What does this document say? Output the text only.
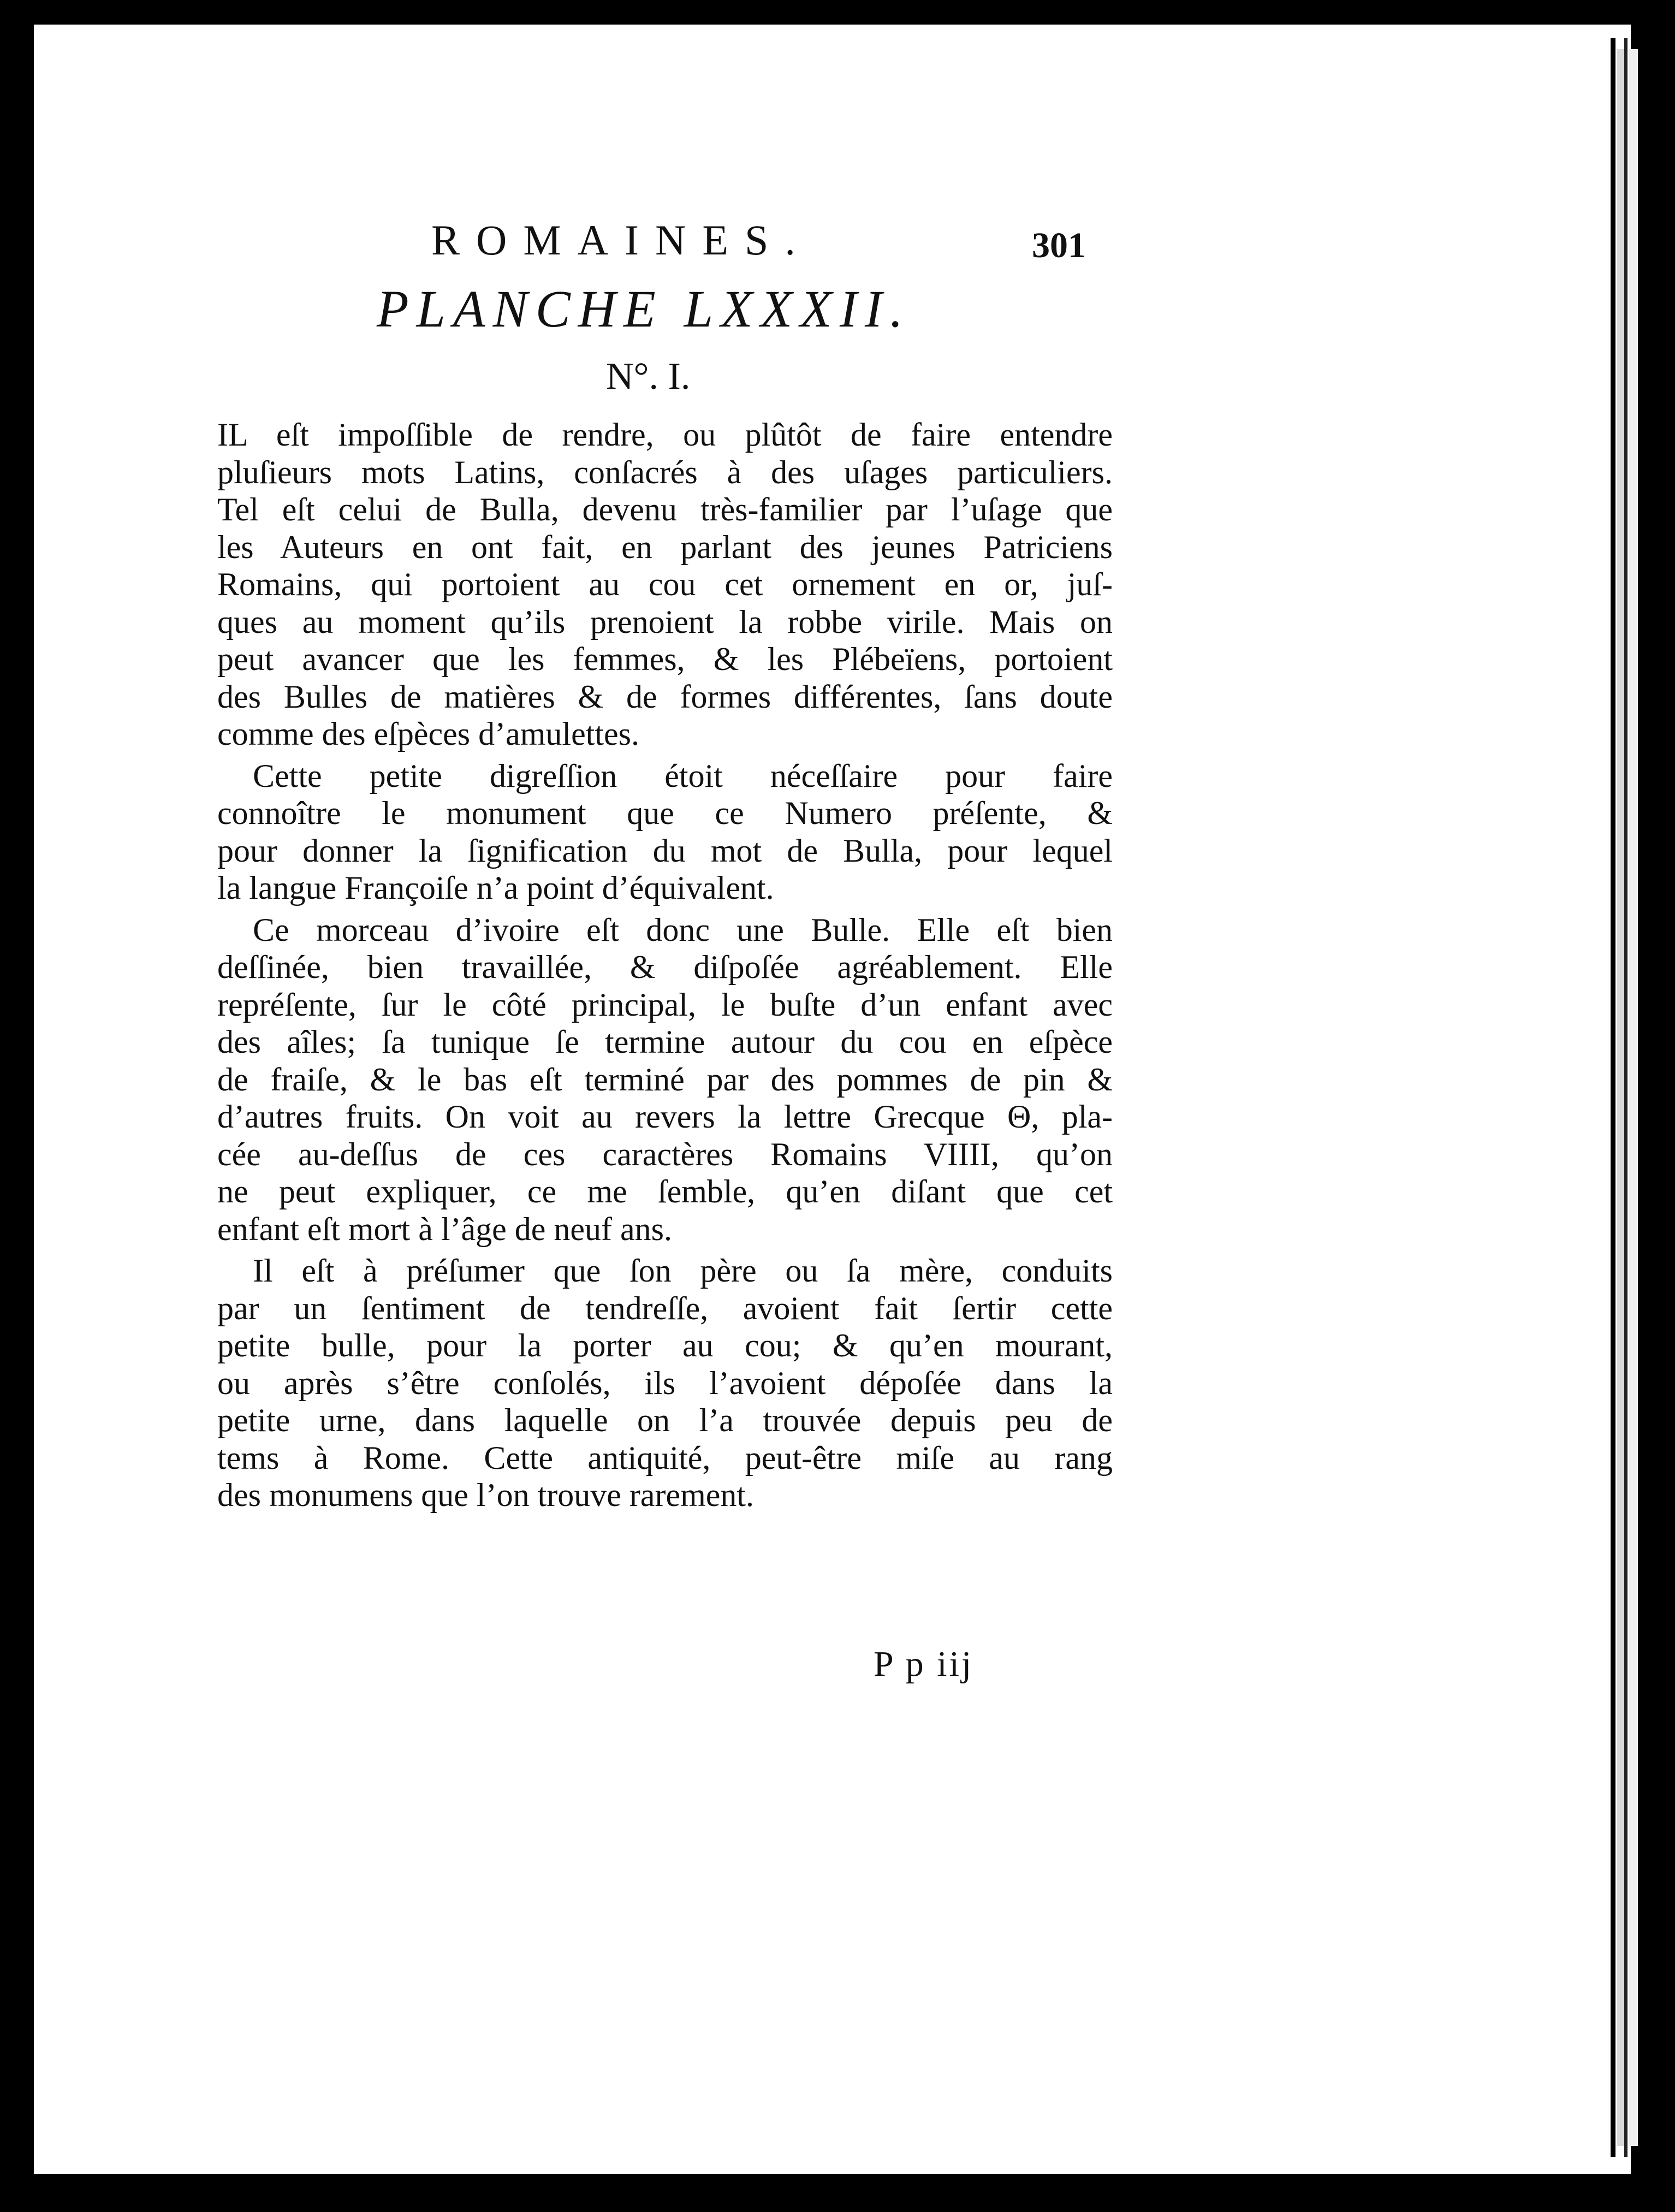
ROMAINES.	301
PLANCHE LXXXII.
N°. I.
IL eſt impoſſible de rendre, ou plûtôt de faire entendre
pluſieurs mots Latins, conſacrés à des uſages particuliers.
Tel eſt celui de Bulla, devenu très-familier par l’uſage que
les Auteurs en ont fait, en parlant des jeunes Patriciens
Romains, qui portoient au cou cet ornement en or, juſ-
ques au moment qu’ils prenoient la robbe virile. Mais on
peut avancer que les femmes, & les Plébeïens, portoient
des Bulles de matières & de formes différentes, ſans doute
comme des eſpèces d’amulettes.
Cette petite digreſſion étoit néceſſaire pour faire
connoître le monument que ce Numero préſente, &
pour donner la ſignification du mot de Bulla, pour lequel
la langue Françoiſe n’a point d’équivalent.
Ce morceau d’ivoire eſt donc une Bulle. Elle eſt bien
deſſinée, bien travaillée, & diſpoſée agréablement. Elle
repréſente, ſur le côté principal, le buſte d’un enfant avec
des aîles; ſa tunique ſe termine autour du cou en eſpèce
de fraiſe, & le bas eſt terminé par des pommes de pin &
d’autres fruits. On voit au revers la lettre Grecque Θ, pla-
cée au-deſſus de ces caractères Romains VIIII, qu’on
ne peut expliquer, ce me ſemble, qu’en diſant que cet
enfant eſt mort à l’âge de neuf ans.
Il eſt à préſumer que ſon père ou ſa mère, conduits
par un ſentiment de tendreſſe, avoient fait ſertir cette
petite bulle, pour la porter au cou; & qu’en mourant,
ou après s’être conſolés, ils l’avoient dépoſée dans la
petite urne, dans laquelle on l’a trouvée depuis peu de
tems à Rome. Cette antiquité, peut-être miſe au rang
des monumens que l’on trouve rarement.
P p iij
